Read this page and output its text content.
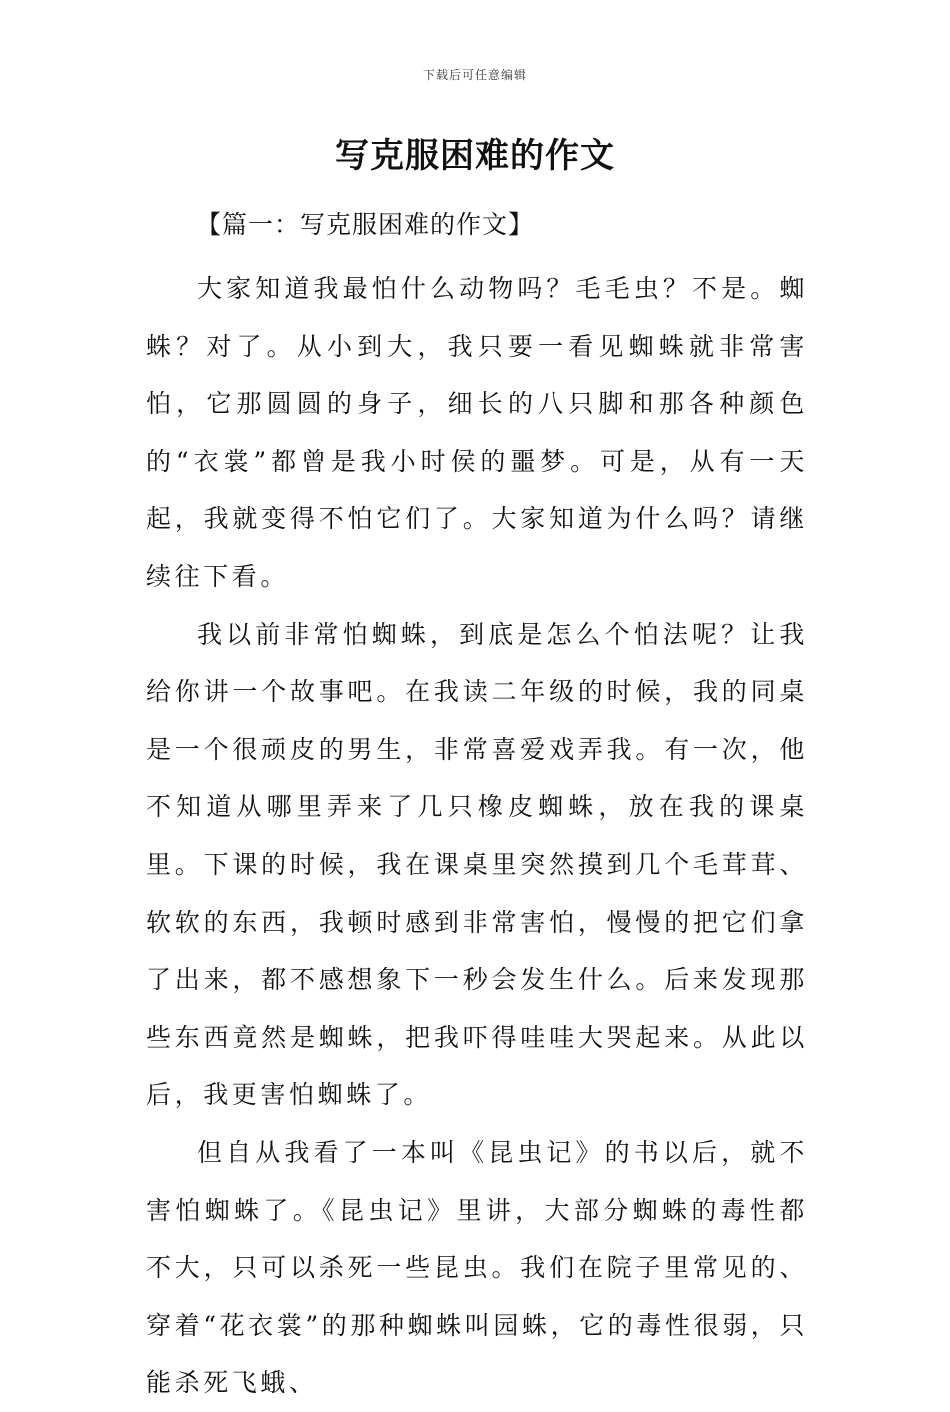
下载后可任意编辑
写克服困难的作文
【篇一：写克服困难的作文】

大家知道我最怕什么动物吗？毛毛虫？不是。蜘蛛？对了。从小到大，我只要一看见蜘蛛就非常害怕，它那圆圆的身子，细长的八只脚和那各种颜色的“衣裳”都曾是我小时侯的噩梦。可是，从有一天起，我就变得不怕它们了。大家知道为什么吗？请继续往下看。

我以前非常怕蜘蛛，到底是怎么个怕法呢？让我给你讲一个故事吧。在我读二年级的时候，我的同桌是一个很顽皮的男生，非常喜爱戏弄我。有一次，他不知道从哪里弄来了几只橡皮蜘蛛，放在我的课桌里。下课的时候，我在课桌里突然摸到几个毛茸茸、软软的东西，我顿时感到非常害怕，慢慢的把它们拿了出来，都不感想象下一秒会发生什么。后来发现那些东西竟然是蜘蛛，把我吓得哇哇大哭起来。从此以后，我更害怕蜘蛛了。

但自从我看了一本叫《昆虫记》的书以后，就不害怕蜘蛛了。《昆虫记》里讲，大部分蜘蛛的毒性都不大，只可以杀死一些昆虫。我们在院子里常见的、穿着“花衣裳”的那种蜘蛛叫园蛛，它的毒性很弱，只能杀死飞蛾、
